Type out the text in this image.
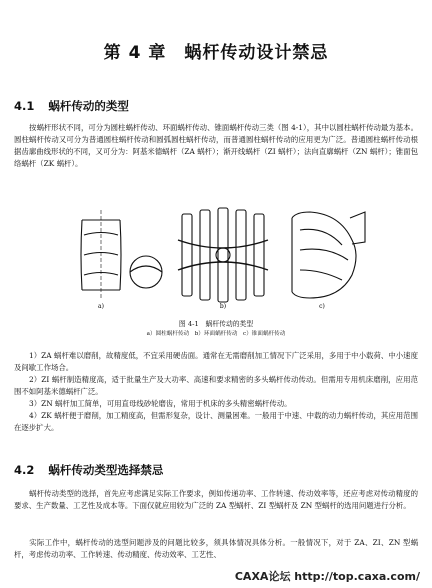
第 4 章　蜗杆传动设计禁忌
4.1 蜗杆传动的类型

按蜗杆形状不同，可分为圆柱蜗杆传动、环面蜗杆传动、锥面蜗杆传动三类（图 4-1），其中以圆柱蜗杆传动最为基本。圆柱蜗杆传动又可分为普通圆柱蜗杆传动和圆弧圆柱蜗杆传动，而普通圆柱蜗杆传动的应用更为广泛。普通圆柱蜗杆传动根据齿廓曲线形状的不同，又可分为：阿基米德蜗杆（ZA 蜗杆）；渐开线蜗杆（ZI 蜗杆）；法向直廓蜗杆（ZN 蜗杆）；锥面包络蜗杆（ZK 蜗杆）。

a)	b)	c)
图 4-1　蜗杆传动的类型
a）圆柱蜗杆传动　b）环面蜗杆传动　c）锥面蜗杆传动

1）ZA 蜗杆难以磨削，故精度低，不宜采用硬齿面。通常在无需磨削加工情况下广泛采用，多用于中小载荷、中小速度及间歇工作场合。

2）ZI 蜗杆制造精度高，适于批量生产及大功率、高速和要求精密的多头蜗杆传动传动。但需用专用机床磨削，应用范围不如阿基米德蜗杆广泛。

3）ZN 蜗杆加工简单，可用直母线砂轮磨齿，常用于机床的多头精密蜗杆传动。

4）ZK 蜗杆便于磨削，加工精度高，但需形复杂，设计、测量困难。一般用于中速、中载的动力蜗杆传动，其应用范围在逐步扩大。

4.2 蜗杆传动类型选择禁忌

蜗杆传动类型的选择，首先应考虑满足实际工作要求，例如传递功率、工作转速、传动效率等，还应考虑对传动精度的要求、生产数量、工艺性及成本等。下面仅就应用较为广泛的 ZA 型蜗杆、ZI 型蜗杆及 ZN 型蜗杆的选用问题进行分析。

实际工作中，蜗杆传动的选型问题涉及的问题比较多，须具体情况具体分析。一般情况下，对于 ZA、ZI、ZN 型蜗杆，考虑传动功率、工作转速、传动精度、传动效率、工艺性、

CAXA论坛 http://top.caxa.com/
